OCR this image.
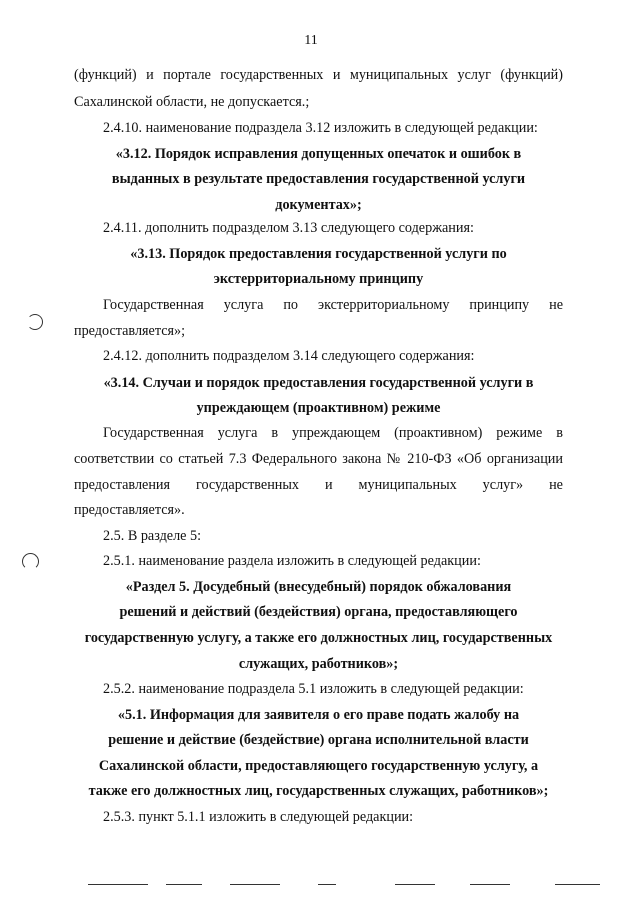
11
(функций) и портале государственных и муниципальных услуг (функций)
Сахалинской области, не допускается.;
2.4.10. наименование подраздела 3.12 изложить в следующей редакции:
«3.12. Порядок исправления допущенных опечаток и ошибок в
выданных в результате предоставления государственной услуги
документах»;
2.4.11. дополнить подразделом 3.13 следующего содержания:
«3.13. Порядок предоставления государственной услуги по
экстерриториальному принципу
Государственная услуга по экстерриториальному принципу не
предоставляется»;
2.4.12. дополнить подразделом 3.14 следующего содержания:
«3.14. Случаи и порядок предоставления государственной услуги в
упреждающем (проактивном) режиме
Государственная услуга в упреждающем (проактивном) режиме в
соответствии со статьей 7.3 Федерального закона № 210-ФЗ «Об организации
предоставления государственных и муниципальных услуг» не
предоставляется».
2.5. В разделе 5:
2.5.1. наименование раздела изложить в следующей редакции:
«Раздел 5. Досудебный (внесудебный) порядок обжалования
решений и действий (бездействия) органа, предоставляющего
государственную услугу, а также его должностных лиц, государственных
служащих, работников»;
2.5.2. наименование подраздела 5.1 изложить в следующей редакции:
«5.1. Информация для заявителя о его праве подать жалобу на
решение и действие (бездействие) органа исполнительной власти
Сахалинской области, предоставляющего государственную услугу, а
также его должностных лиц, государственных служащих, работников»;
2.5.3. пункт 5.1.1 изложить в следующей редакции:
